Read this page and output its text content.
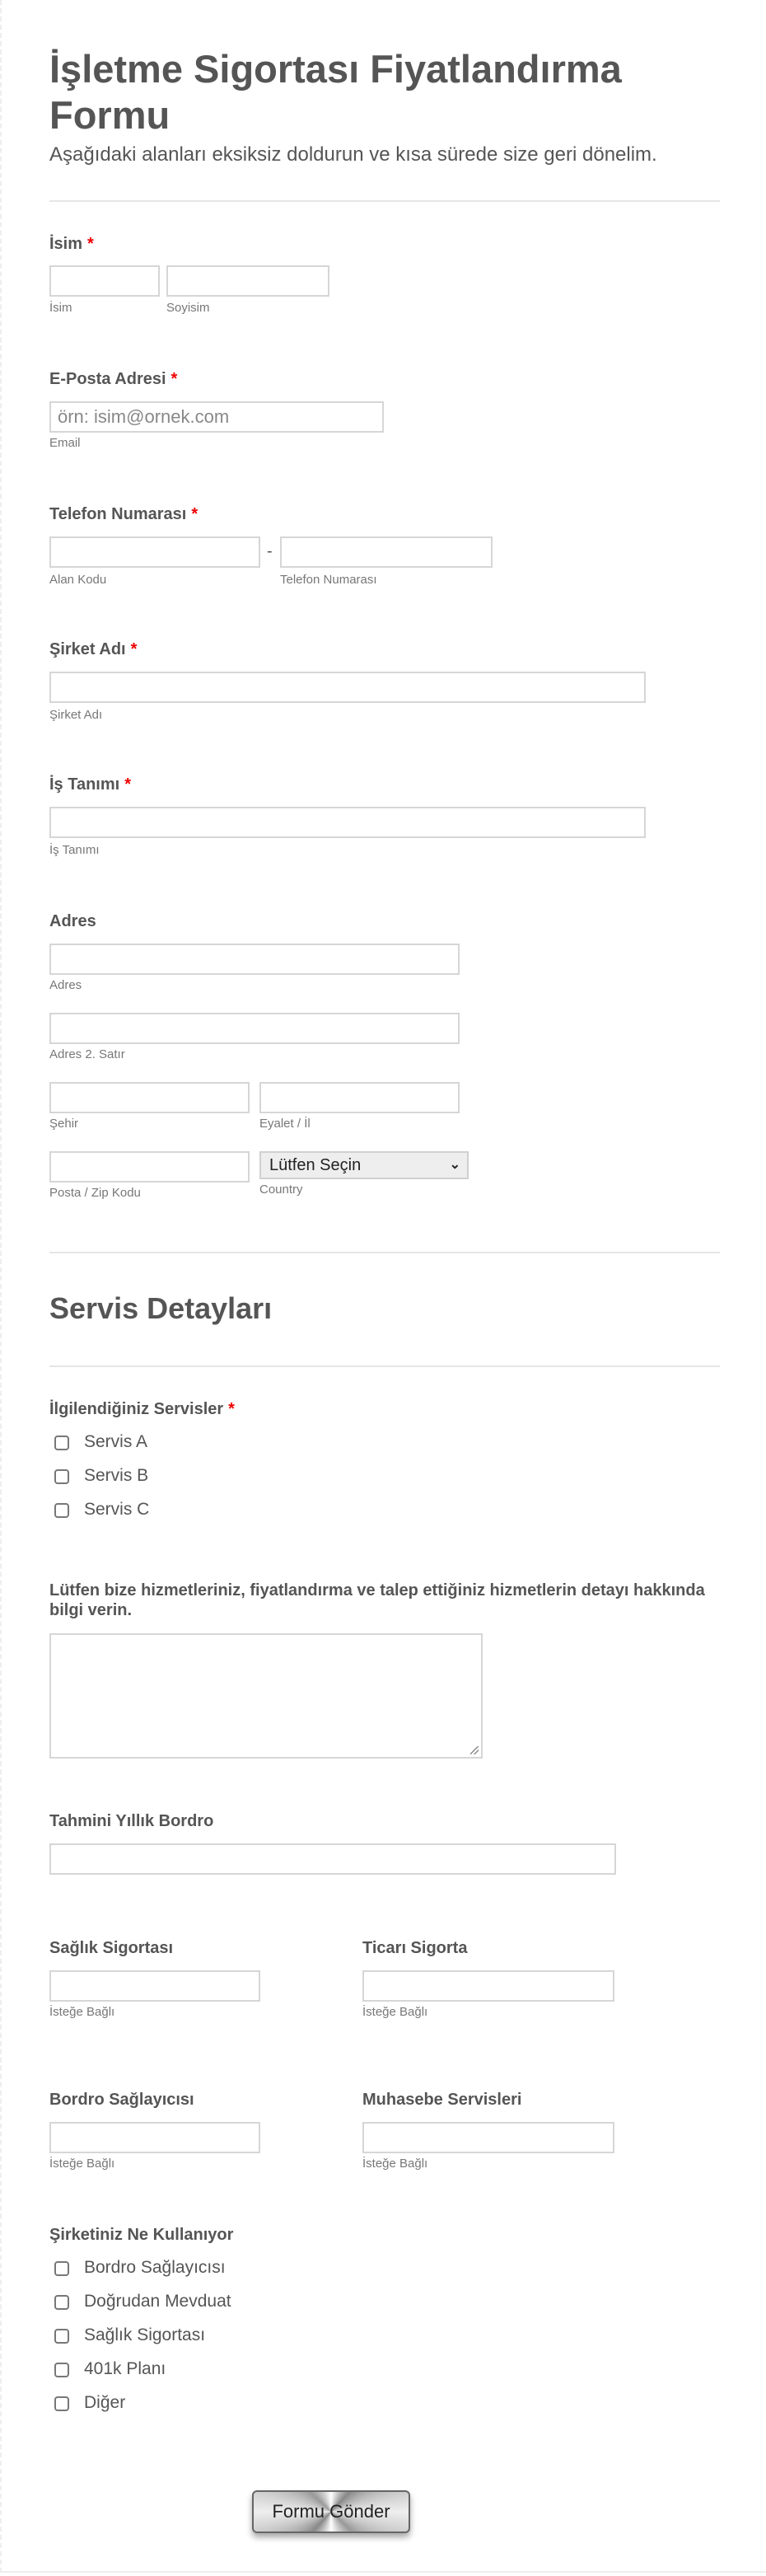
İşletme Sigortası Fiyatlandırma Formu
Aşağıdaki alanları eksiksiz doldurun ve kısa sürede size geri dönelim.
İsim *
İsim	Soyisim
E-Posta Adresi *
örn: isim@ornek.com
Email
Telefon Numarası *
-
Alan Kodu	Telefon Numarası
Şirket Adı *
Şirket Adı
İş Tanımı *
İş Tanımı
Adres
Adres
Adres 2. Satır
Şehir	Eyalet / İl
Lütfen Seçin	⌄
Posta / Zip Kodu	Country
Servis Detayları
İlgilendiğiniz Servisler *
Servis A
Servis B
Servis C
Lütfen bize hizmetleriniz, fiyatlandırma ve talep ettiğiniz hizmetlerin detayı hakkında bilgi verin.
Tahmini Yıllık Bordro
Sağlık Sigortası	Ticarı Sigorta
İsteğe Bağlı	İsteğe Bağlı
Bordro Sağlayıcısı	Muhasebe Servisleri
İsteğe Bağlı	İsteğe Bağlı
Şirketiniz Ne Kullanıyor
Bordro Sağlayıcısı
Doğrudan Mevduat
Sağlık Sigortası
401k Planı
Diğer
Formu Gönder
